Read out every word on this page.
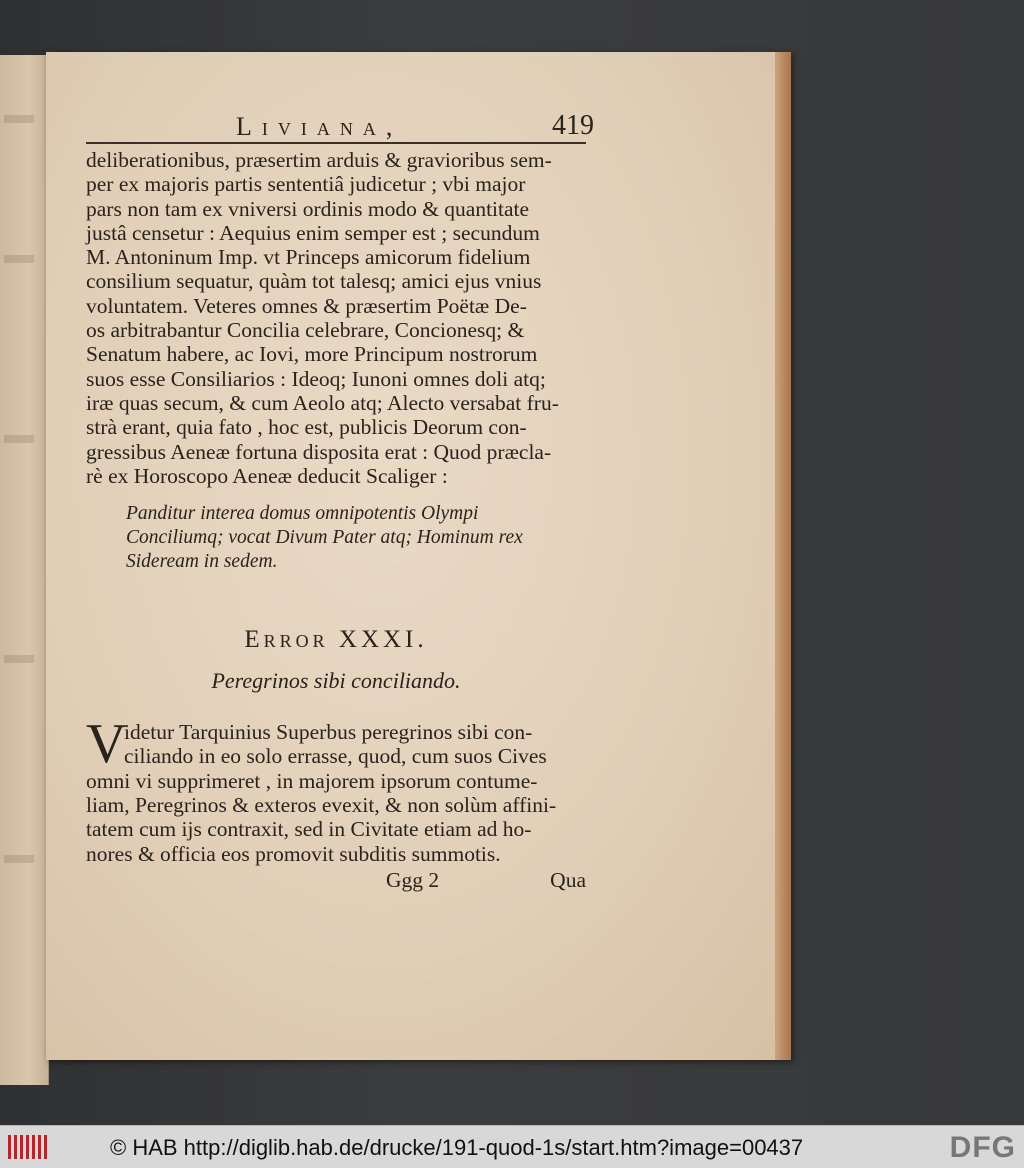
Liviana,	419
deliberationibus, præsertim arduis & gravioribus sem-
per ex majoris partis sententiâ judicetur ; vbi major
pars non tam ex vniversi ordinis modo & quantitate
justâ censetur : Aequius enim semper est ; secundum
M. Antoninum Imp. vt Princeps amicorum fidelium
consilium sequatur, quàm tot talesq; amici ejus vnius
voluntatem. Veteres omnes & præsertim Poëtæ De-
os arbitrabantur Concilia celebrare, Concionesq; &
Senatum habere, ac Iovi, more Principum nostrorum
suos esse Consiliarios : Ideoq; Iunoni omnes doli atq;
iræ quas secum, & cum Aeolo atq; Alecto versabat fru-
strà erant, quia fato , hoc est, publicis Deorum con-
gressibus Aeneæ fortuna disposita erat : Quod præcla-
rè ex Horoscopo Aeneæ deducit Scaliger :
Panditur interea domus omnipotentis Olympi
Conciliumq; vocat Divum Pater atq; Hominum rex
Sideream in sedem.
Error XXXI.
Peregrinos sibi conciliando.
V
idetur Tarquinius Superbus peregrinos sibi con-
ciliando in eo solo errasse, quod, cum suos Cives
omni vi supprimeret , in majorem ipsorum contume-
liam, Peregrinos & exteros evexit, & non solùm affini-
tatem cum ijs contraxit, sed in Civitate etiam ad ho-
nores & officia eos promovit subditis summotis.
Ggg 2	Qua
© HAB http://diglib.hab.de/drucke/191-quod-1s/start.htm?image=00437	DFG
